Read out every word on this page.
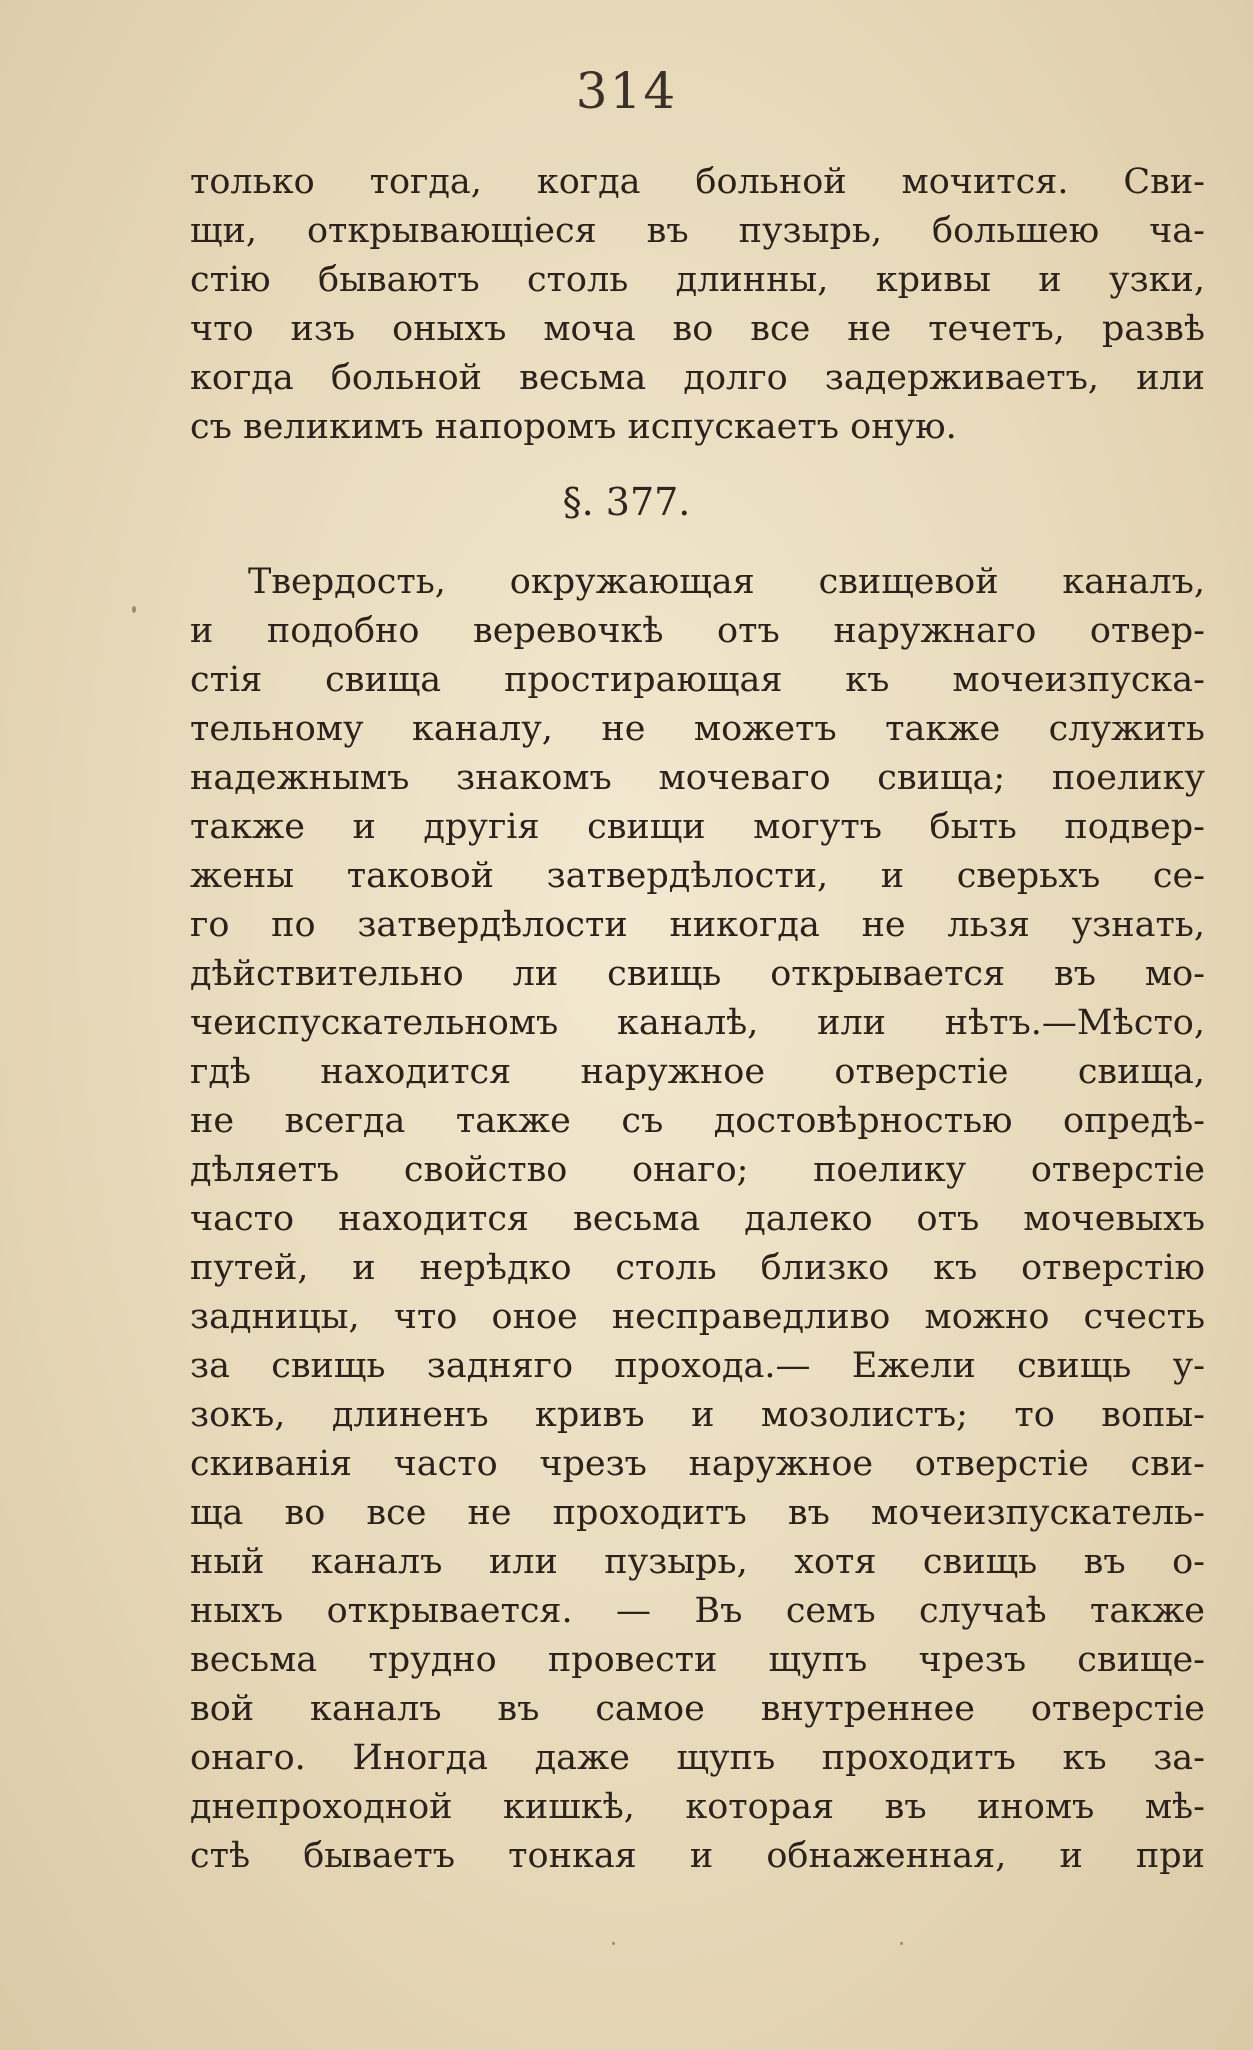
314
только тогда, когда больной мочится. Сви-
щи, открывающіеся въ пузырь, большею ча-
стію бываютъ столь длинны, кривы и узки,
что изъ оныхъ моча во все не течетъ, развѣ
когда больной весьма долго задерживаетъ, или
съ великимъ напоромъ испускаетъ оную.
§. 377.
Твердость, окружающая свищевой каналъ,
и подобно веревочкѣ отъ наружнаго отвер-
стія свища простирающая къ мочеизпуска-
тельному каналу, не можетъ также служить
надежнымъ знакомъ мочеваго свища; поелику
также и другія свищи могутъ быть подвер-
жены таковой затвердѣлости, и сверьхъ се-
го по затвердѣлости никогда не льзя узнать,
дѣйствительно ли свищь открывается въ мо-
чеиспускательномъ каналѣ, или нѣтъ.—Мѣсто,
гдѣ находится наружное отверстіе свища,
не всегда также съ достовѣрностью опредѣ-
дѣляетъ свойство онаго; поелику отверстіе
часто находится весьма далеко отъ мочевыхъ
путей, и нерѣдко столь близко къ отверстію
задницы, что оное несправедливо можно счесть
за свищь задняго прохода.— Ежели свищь у-
зокъ, длиненъ кривъ и мозолистъ; то вопы-
скиванія часто чрезъ наружное отверстіе сви-
ща во все не проходитъ въ мочеизпускатель-
ный каналъ или пузырь, хотя свищь въ о-
ныхъ открывается. — Въ семъ случаѣ также
весьма трудно провести щупъ чрезъ свище-
вой каналъ въ самое внутреннее отверстіе
онаго. Иногда даже щупъ проходитъ къ за-
днепроходной кишкѣ, которая въ иномъ мѣ-
стѣ бываетъ тонкая и обнаженная, и при
